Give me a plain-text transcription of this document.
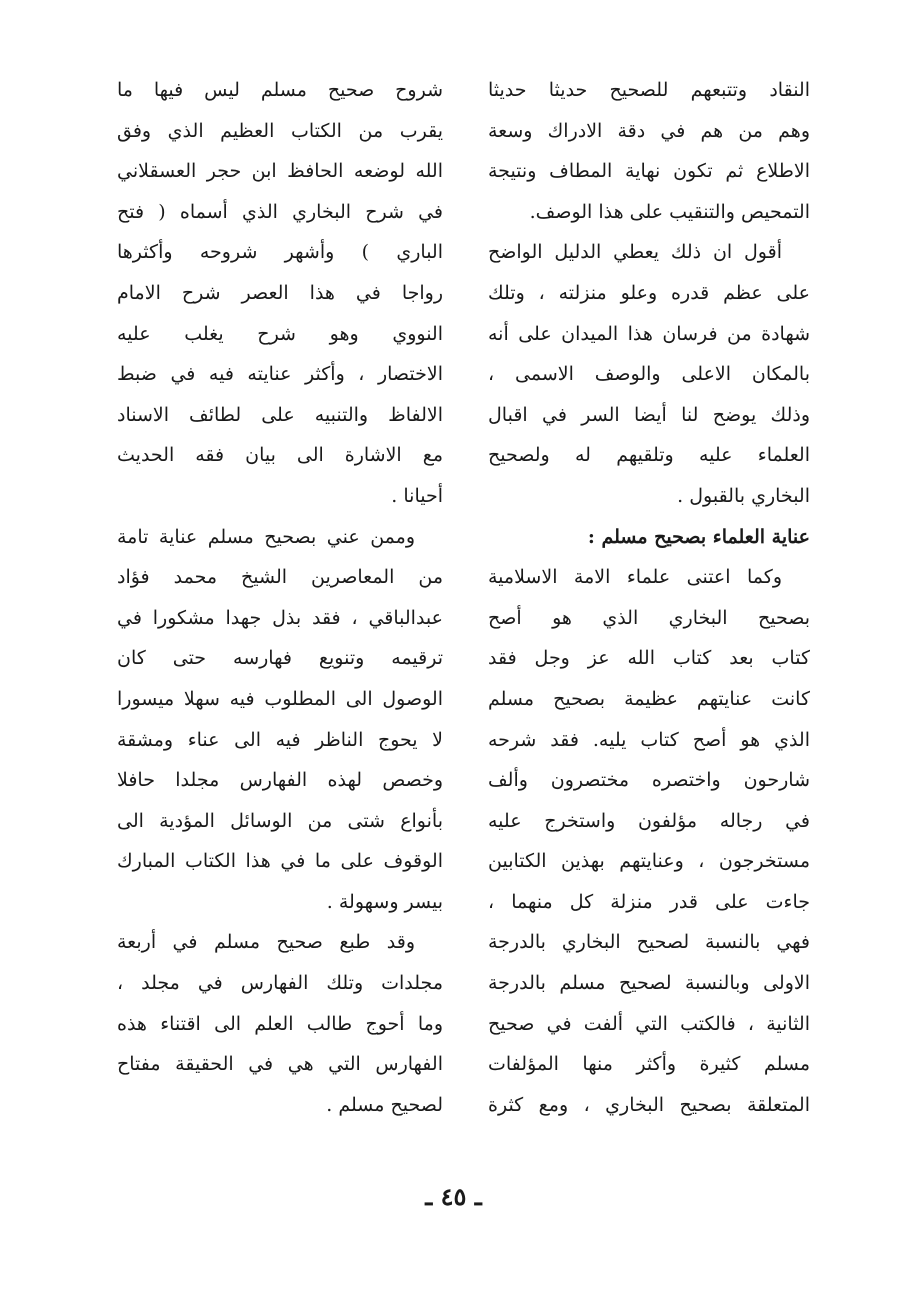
النقاد وتتبعهم للصحيح حديثا حديثا
وهم من هم في دقة الادراك وسعة
الاطلاع ثم تكون نهاية المطاف ونتيجة
التمحيص والتنقيب على هذا الوصف.
أقول ان ذلك يعطي الدليل الواضح
على عظم قدره وعلو منزلته ، وتلك
شهادة من فرسان هذا الميدان على أنه
بالمكان الاعلى والوصف الاسمى ،
وذلك يوضح لنا أيضا السر في اقبال
العلماء عليه وتلقيهم له ولصحيح
البخاري بالقبول .
عناية العلماء بصحيح مسلم :
وكما اعتنى علماء الامة الاسلامية
بصحيح البخاري الذي هو أصح
كتاب بعد كتاب الله عز وجل فقد
كانت عنايتهم عظيمة بصحيح مسلم
الذي هو أصح كتاب يليه. فقد شرحه
شارحون واختصره مختصرون وألف
في رجاله مؤلفون واستخرج عليه
مستخرجون ، وعنايتهم بهذين الكتابين
جاءت على قدر منزلة كل منهما ،
فهي بالنسبة لصحيح البخاري بالدرجة
الاولى وبالنسبة لصحيح مسلم بالدرجة
الثانية ، فالكتب التي ألفت في صحيح
مسلم كثيرة وأكثر منها المؤلفات
المتعلقة بصحيح البخاري ، ومع كثرة
شروح صحيح مسلم ليس فيها ما
يقرب من الكتاب العظيم الذي وفق
الله لوضعه الحافظ ابن حجر العسقلاني
في شرح البخاري الذي أسماه ( فتح
الباري ) وأشهر شروحه وأكثرها
رواجا في هذا العصر شرح الامام
النووي وهو شرح يغلب عليه
الاختصار ، وأكثر عنايته فيه في ضبط
الالفاظ والتنبيه على لطائف الاسناد
مع الاشارة الى بيان فقه الحديث
أحيانا .
وممن عني بصحيح مسلم عناية تامة
من المعاصرين الشيخ محمد فؤاد
عبدالباقي ، فقد بذل جهدا مشكورا في
ترقيمه وتنويع فهارسه حتى كان
الوصول الى المطلوب فيه سهلا ميسورا
لا يحوج الناظر فيه الى عناء ومشقة
وخصص لهذه الفهارس مجلدا حافلا
بأنواع شتى من الوسائل المؤدية الى
الوقوف على ما في هذا الكتاب المبارك
بيسر وسهولة .
وقد طبع صحيح مسلم في أربعة
مجلدات وتلك الفهارس في مجلد ،
وما أحوج طالب العلم الى اقتناء هذه
الفهارس التي هي في الحقيقة مفتاح
لصحيح مسلم .
ـ ٤٥ ـ
